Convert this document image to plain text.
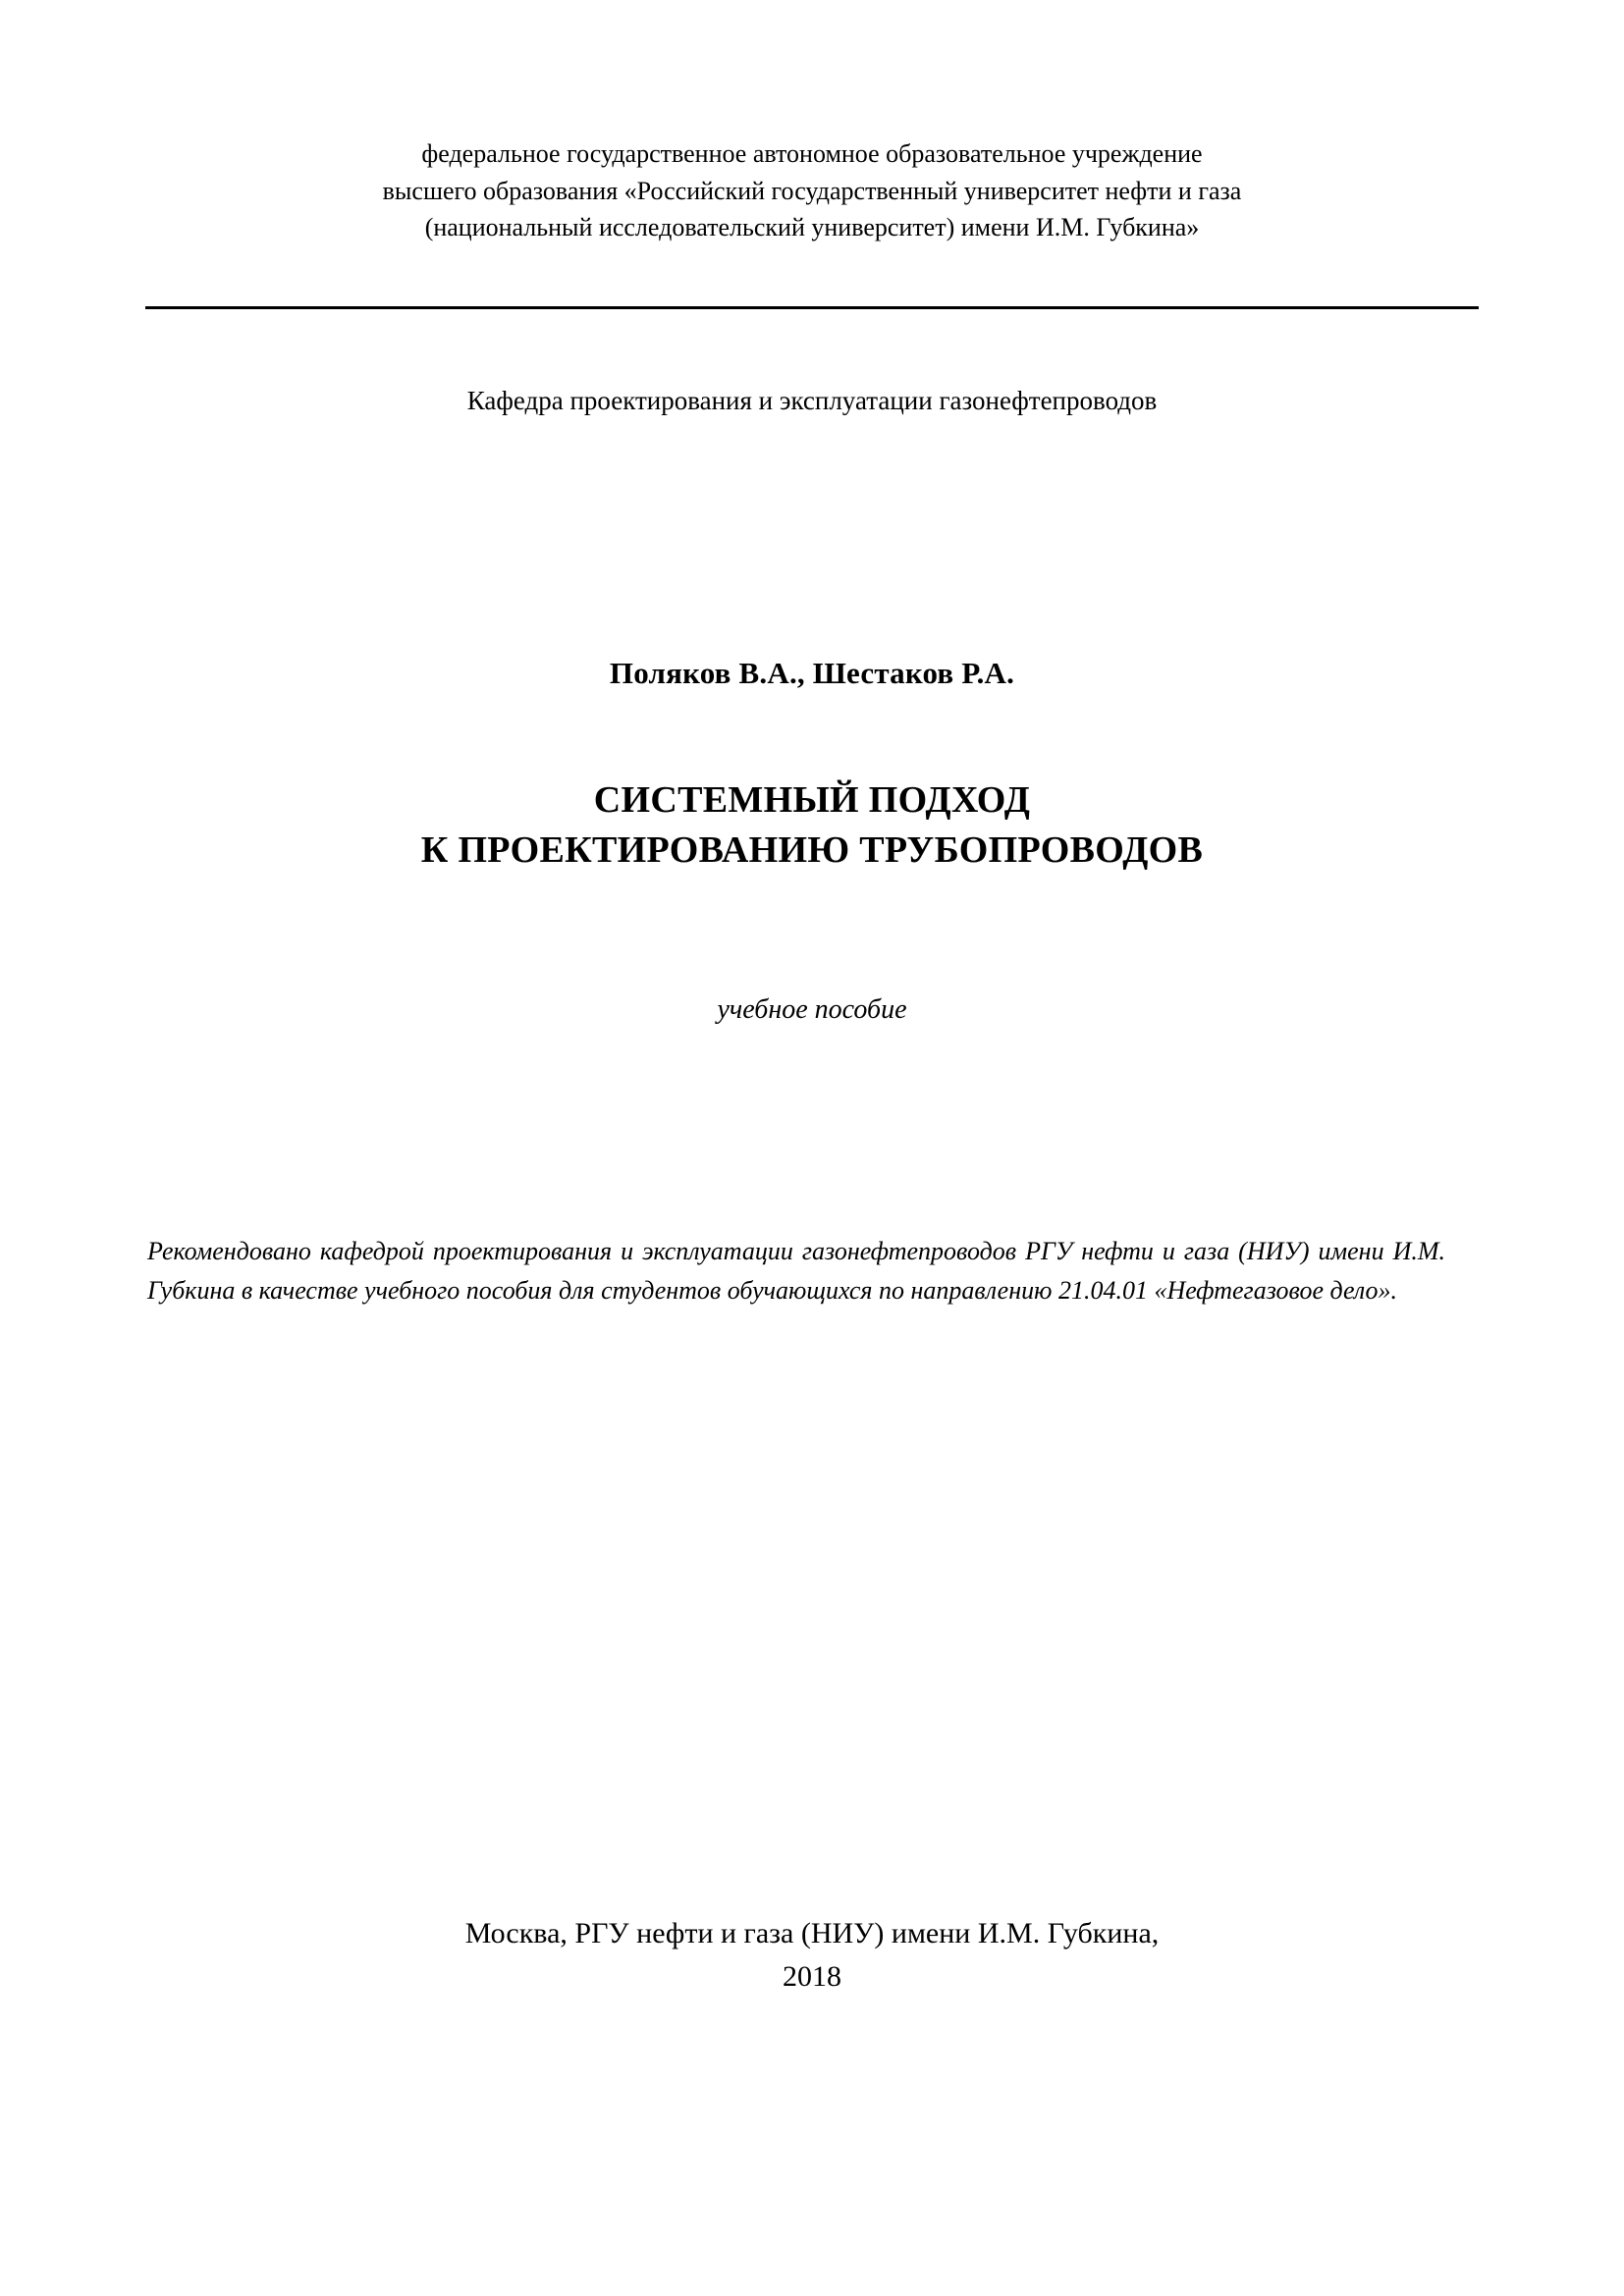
федеральное государственное автономное образовательное учреждение
высшего образования «Российский государственный университет нефти и газа
(национальный исследовательский университет) имени И.М. Губкина»
Кафедра проектирования и эксплуатации газонефтепроводов
Поляков В.А., Шестаков Р.А.
СИСТЕМНЫЙ ПОДХОД
К ПРОЕКТИРОВАНИЮ ТРУБОПРОВОДОВ
учебное пособие
Рекомендовано кафедрой проектирования и эксплуатации газонефтепроводов РГУ нефти и газа (НИУ) имени И.М. Губкина в качестве учебного пособия для студентов обучающихся по направлению 21.04.01 «Нефтегазовое дело».
Москва, РГУ нефти и газа (НИУ) имени И.М. Губкина,
2018
